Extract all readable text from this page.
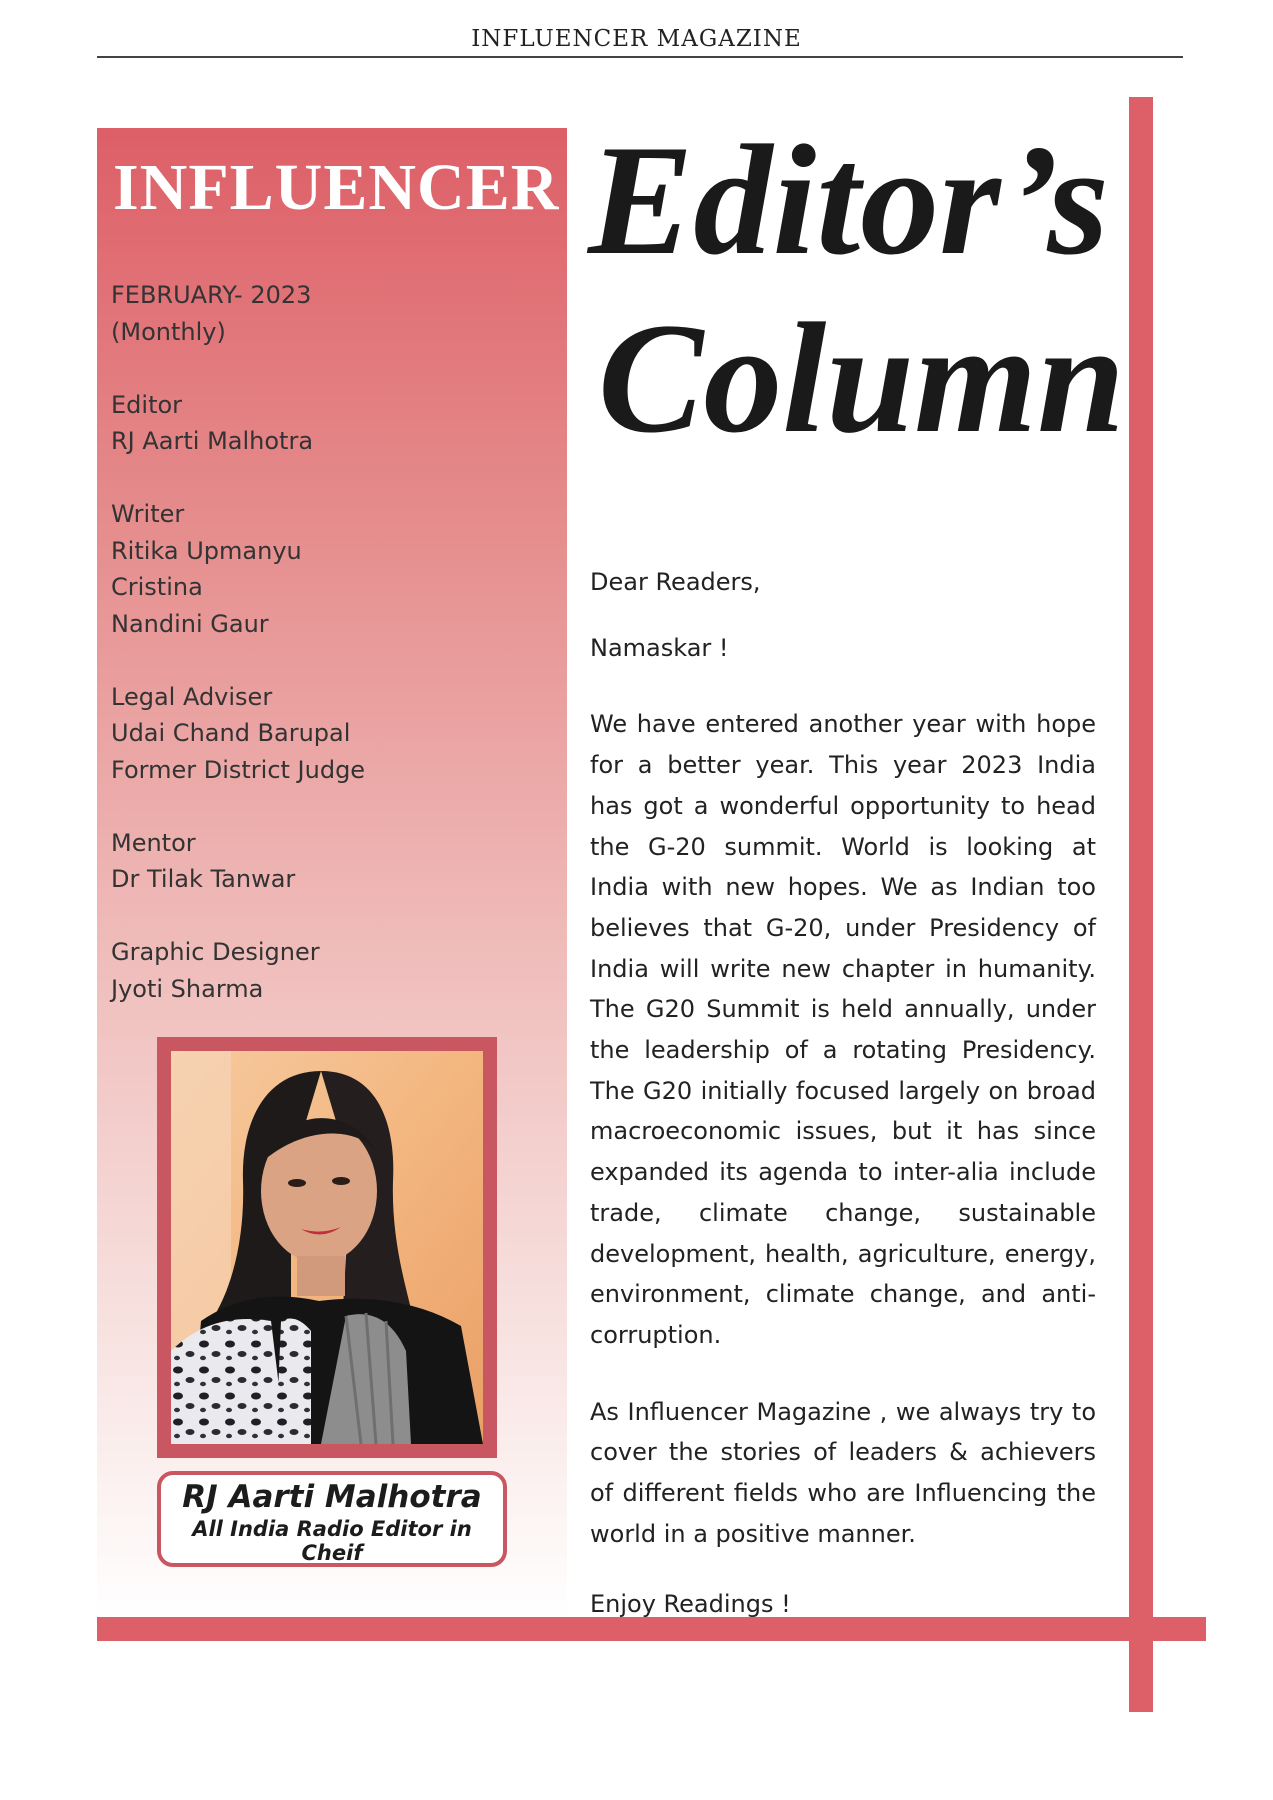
INFLUENCER MAGAZINE
INFLUENCER

FEBRUARY- 2023

(Monthly)

Editor

RJ Aarti Malhotra

Writer

Ritika Upmanyu

Cristina

Nandini Gaur

Legal Adviser

Udai Chand Barupal

Former District Judge

Mentor

Dr Tilak Tanwar

Graphic Designer

Jyoti Sharma

RJ Aarti Malhotra
All India Radio Editor in Cheif
Editor’s
Column

Dear Readers,

Namaskar !

We have entered another year with hope for a better year. This year 2023 India has got a wonderful opportunity to head the G-20 summit. World is looking at India with new hopes. We as Indian too believes that G-20, under Presidency of India will write new chapter in humanity. The G20 Summit is held annually, under the leadership of a rotating Presidency. The G20 initially focused largely on broad macroeconomic issues, but it has since expanded its agenda to inter-alia include trade, climate change, sustainable development, health, agriculture, energy, environment, climate change, and anti-corruption.

As Influencer Magazine , we always try to cover the stories of leaders & achievers of different fields who are Influencing the world in a positive manner.

Enjoy Readings !
